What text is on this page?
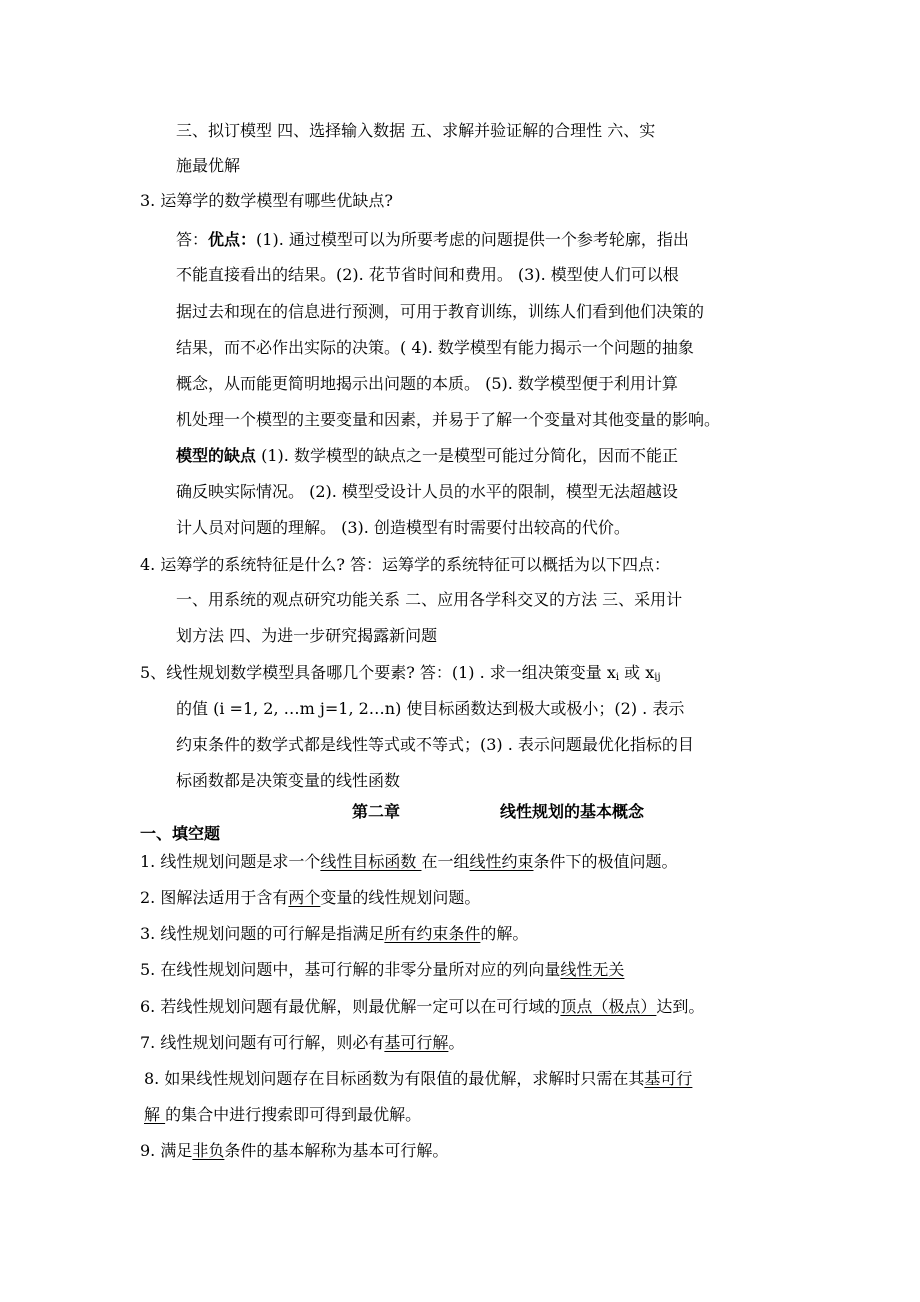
三、拟订模型 四、选择输入数据 五、求解并验证解的合理性 六、实
施最优解
3. 运筹学的数学模型有哪些优缺点?
答：优点：(1). 通过模型可以为所要考虑的问题提供一个参考轮廓，指出
不能直接看出的结果。(2). 花节省时间和费用。 (3). 模型使人们可以根
据过去和现在的信息进行预测，可用于教育训练，训练人们看到他们决策的
结果，而不必作出实际的决策。( 4). 数学模型有能力揭示一个问题的抽象
概念，从而能更简明地揭示出问题的本质。 (5). 数学模型便于利用计算
机处理一个模型的主要变量和因素，并易于了解一个变量对其他变量的影响。
模型的缺点 (1). 数学模型的缺点之一是模型可能过分简化，因而不能正
确反映实际情况。 (2). 模型受设计人员的水平的限制，模型无法超越设
计人员对问题的理解。 (3). 创造模型有时需要付出较高的代价。
4. 运筹学的系统特征是什么? 答：运筹学的系统特征可以概括为以下四点：
一、用系统的观点研究功能关系 二、应用各学科交叉的方法 三、采用计
划方法 四、为进一步研究揭露新问题
5、线性规划数学模型具备哪几个要素? 答：(1) . 求一组决策变量 $x_i$ 或 $x_{ij}$
的值 (i =1, 2, …m j=1, 2…n) 使目标函数达到极大或极小；(2) . 表示
约束条件的数学式都是线性等式或不等式；(3) . 表示问题最优化指标的目
标函数都是决策变量的线性函数
第二章	线性规划的基本概念
一、填空题
1. 线性规划问题是求一个线性目标函数 在一组线性约束条件下的极值问题。
2. 图解法适用于含有两个变量的线性规划问题。
3. 线性规划问题的可行解是指满足所有约束条件的解。
5. 在线性规划问题中，基可行解的非零分量所对应的列向量线性无关
6. 若线性规划问题有最优解，则最优解一定可以在可行域的顶点（极点）达到。
7. 线性规划问题有可行解，则必有基可行解。
8. 如果线性规划问题存在目标函数为有限值的最优解，求解时只需在其基可行
解 的集合中进行搜索即可得到最优解。
9. 满足非负条件的基本解称为基本可行解。
